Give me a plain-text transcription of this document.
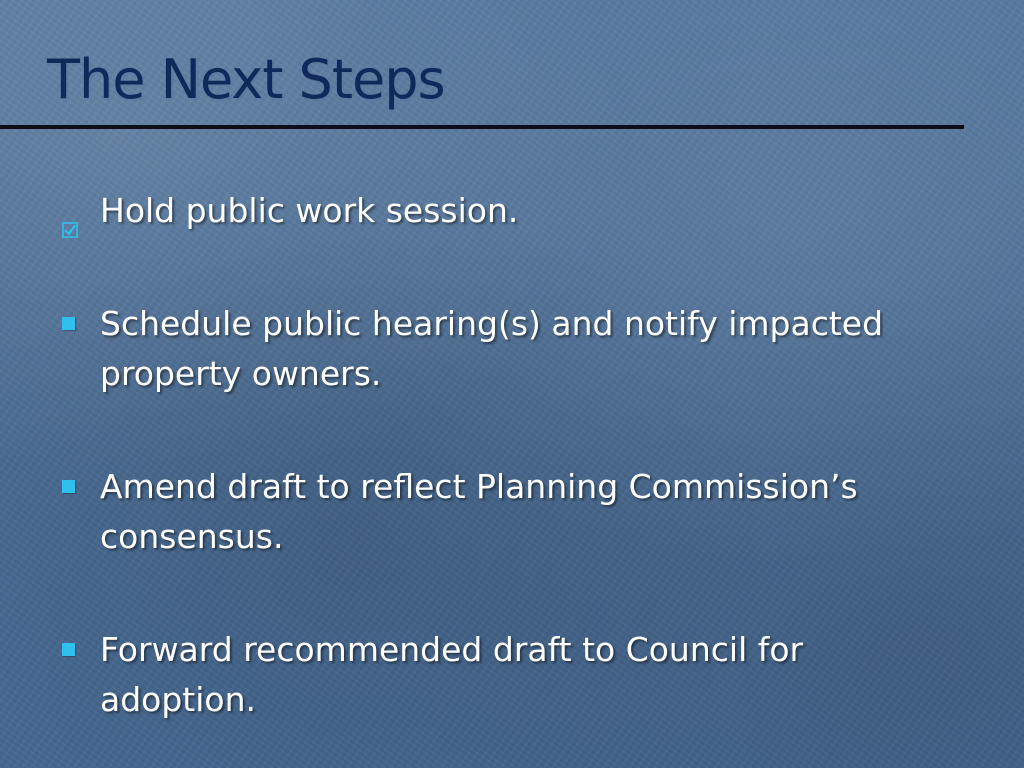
The Next Steps
Hold public work session.
Schedule public hearing(s) and notify impacted property owners.
Amend draft to reflect Planning Commission’s consensus.
Forward recommended draft to Council for adoption.
